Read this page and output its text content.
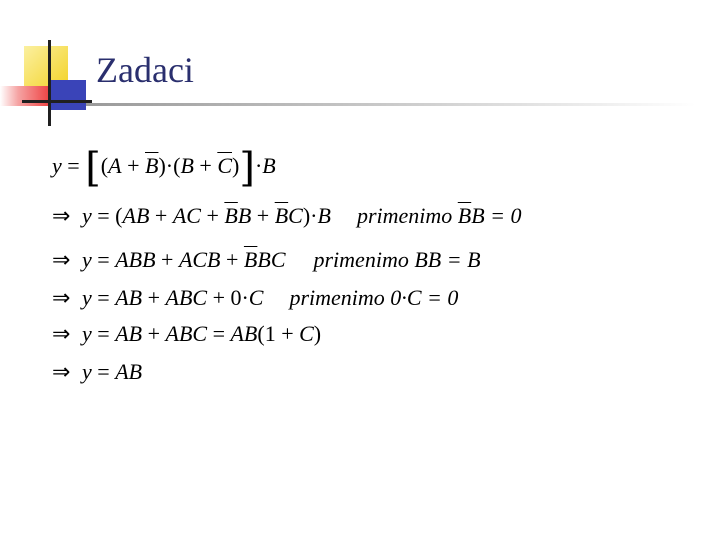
Zadaci
$y = [(A + \overline{B})\cdot(B + \overline{C})]\cdot B$
⇒ y = (AB + AC + $\overline{B}B + \overline{B}C)\cdot B$ primenimo $\overline{B}B = 0$
⇒ y = ABB + ACB + $\overline{B}BC$ primenimo BB = B
⇒ y = AB + ABC + 0·C primenimo 0·C = 0
⇒ y = AB + ABC = AB(1 + C)
⇒ y = AB
